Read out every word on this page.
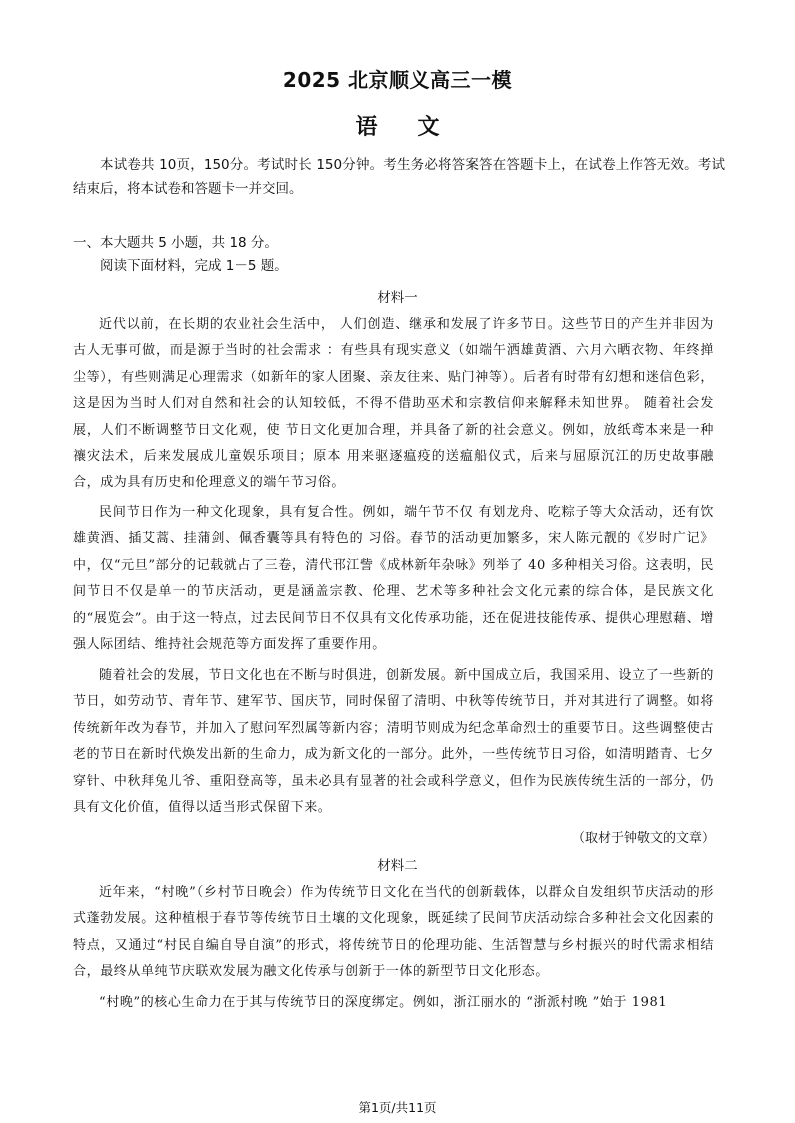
2025 北京顺义高三一模
语文
本试卷共 10页，150分。考试时长 150分钟。考生务必将答案答在答题卡上，在试卷上作答无效。考试结束后，将本试卷和答题卡一并交回。
一、本大题共 5 小题，共 18 分。
阅读下面材料，完成 1－5 题。
材料一
近代以前，在长期的农业社会生活中， 人们创造、继承和发展了许多节日。这些节日的产生并非因为古人无事可做，而是源于当时的社会需求 ：有些具有现实意义（如端午洒雄黄酒、六月六晒衣物、年终掸尘等），有些则满足心理需求（如新年的家人团聚、亲友往来、贴门神等）。后者有时带有幻想和迷信色彩，这是因为当时人们对自然和社会的认知较低，不得不借助巫术和宗教信仰来解释未知世界。 随着社会发展，人们不断调整节日文化观，使 节日文化更加合理，并具备了新的社会意义。例如，放纸鸢本来是一种禳灾法术，后来发展成儿童娱乐项目；原本 用来驱逐瘟疫的送瘟船仪式，后来与屈原沉江的历史故事融合，成为具有历史和伦理意义的端午节习俗。
民间节日作为一种文化现象，具有复合性。例如，端午节不仅 有划龙舟、吃粽子等大众活动，还有饮雄黄酒、插艾蒿、挂蒲剑、佩香囊等具有特色的 习俗。春节的活动更加繁多，宋人陈元靓的《岁时广记》中，仅“元旦”部分的记载就占了三卷，清代邗江訾《成林新年杂咏》列举了 40 多种相关习俗。这表明，民间节日不仅是单一的节庆活动，更是涵盖宗教、伦理、艺术等多种社会文化元素的综合体，是民族文化的“展览会”。由于这一特点，过去民间节日不仅具有文化传承功能，还在促进技能传承、提供心理慰藉、增强人际团结、维持社会规范等方面发挥了重要作用。
随着社会的发展，节日文化也在不断与时俱进，创新发展。新中国成立后，我国采用、设立了一些新的节日，如劳动节、青年节、建军节、国庆节，同时保留了清明、中秋等传统节日，并对其进行了调整。如将传统新年改为春节，并加入了慰问军烈属等新内容；清明节则成为纪念革命烈士的重要节日。这些调整使古老的节日在新时代焕发出新的生命力，成为新文化的一部分。此外，一些传统节日习俗，如清明踏青、七夕穿针、中秋拜兔儿爷、重阳登高等，虽未必具有显著的社会或科学意义，但作为民族传统生活的一部分，仍具有文化价值，值得以适当形式保留下来。
（取材于钟敬文的文章）
材料二
近年来，“村晚”（乡村节日晚会）作为传统节日文化在当代的创新载体，以群众自发组织节庆活动的形式蓬勃发展。这种植根于春节等传统节日土壤的文化现象，既延续了民间节庆活动综合多种社会文化因素的特点，又通过“村民自编自导自演”的形式，将传统节日的伦理功能、生活智慧与乡村振兴的时代需求相结合，最终从单纯节庆联欢发展为融文化传承与创新于一体的新型节日文化形态。
“村晚”的核心生命力在于其与传统节日的深度绑定。例如，浙江丽水的 “浙派村晚 ”始于 1981
第1页/共11页
